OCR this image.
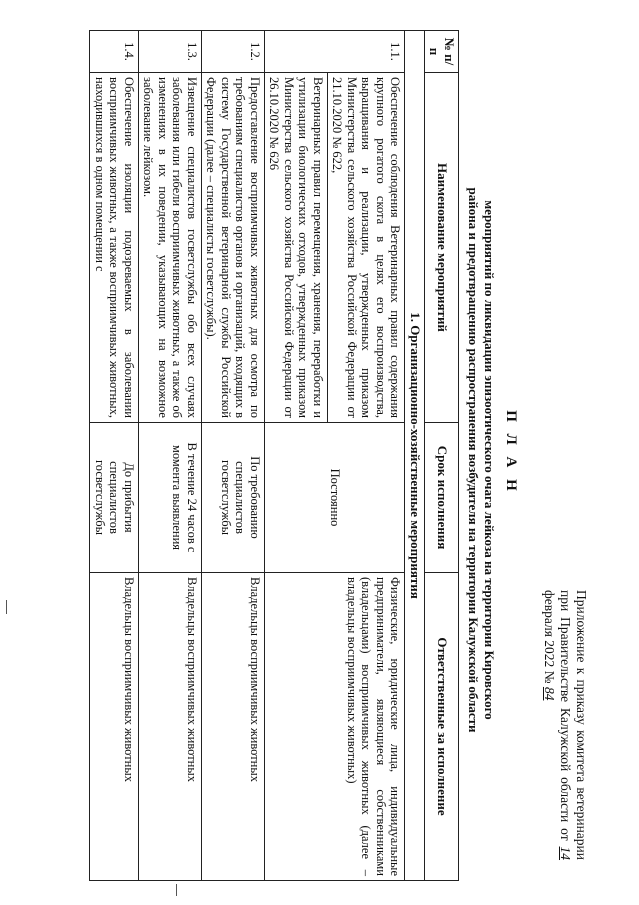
Приложение к приказу комитета ветеринарии при Правительстве Калужской области от 14 февраля 2022 № 84
П Л А Н
мероприятий по ликвидации эпизоотического очага лейкоза на территории Кировского района и предотвращению распространения возбудителя на территории Калужской области
№ п/п	Наименование мероприятий	Срок исполнения	Ответственные за исполнение
1. Организационно-хозяйственные мероприятия			
1.1.	Обеспечение соблюдения Ветеринарных правил содержания крупного рогатого скота в целях его воспроизводства, выращивания и реализации, утвержденных приказом Министерства сельского хозяйства Российской Федерации от 21.10.2020 № 622,	Постоянно	Физические, юридические лица, индивидуальные предприниматели, являющиеся собственниками (владельцами) восприимчивых животных (далее – владельцы восприимчивых животных)
	Ветеринарных правил перемещения, хранения, переработки и утилизации биологических отходов, утвержденных приказом Министерства сельского хозяйства Российской Федерации от 26.10.2020 № 626		
1.2.	Предоставление восприимчивых животных для осмотра по требованиям специалистов органов и организаций, входящих в систему Государственной ветеринарной службы Российской Федерации (далее – специалисты госветслужбы).	По требованию специалистов госветслужбы	Владельцы восприимчивых животных
1.3.	Извещение специалистов госветслужбы обо всех случаях заболевания или гибели восприимчивых животных, а также об изменениях в их поведении, указывающих на возможное заболевание лейкозом.	В течение 24 часов с момента выявления	Владельцы восприимчивых животных
1.4.	Обеспечение изоляции подозреваемых в заболевании восприимчивых животных, а также восприимчивых животных, находившихся в одном помещении с	До прибытия специалистов госветслужбы	Владельцы восприимчивых животных
